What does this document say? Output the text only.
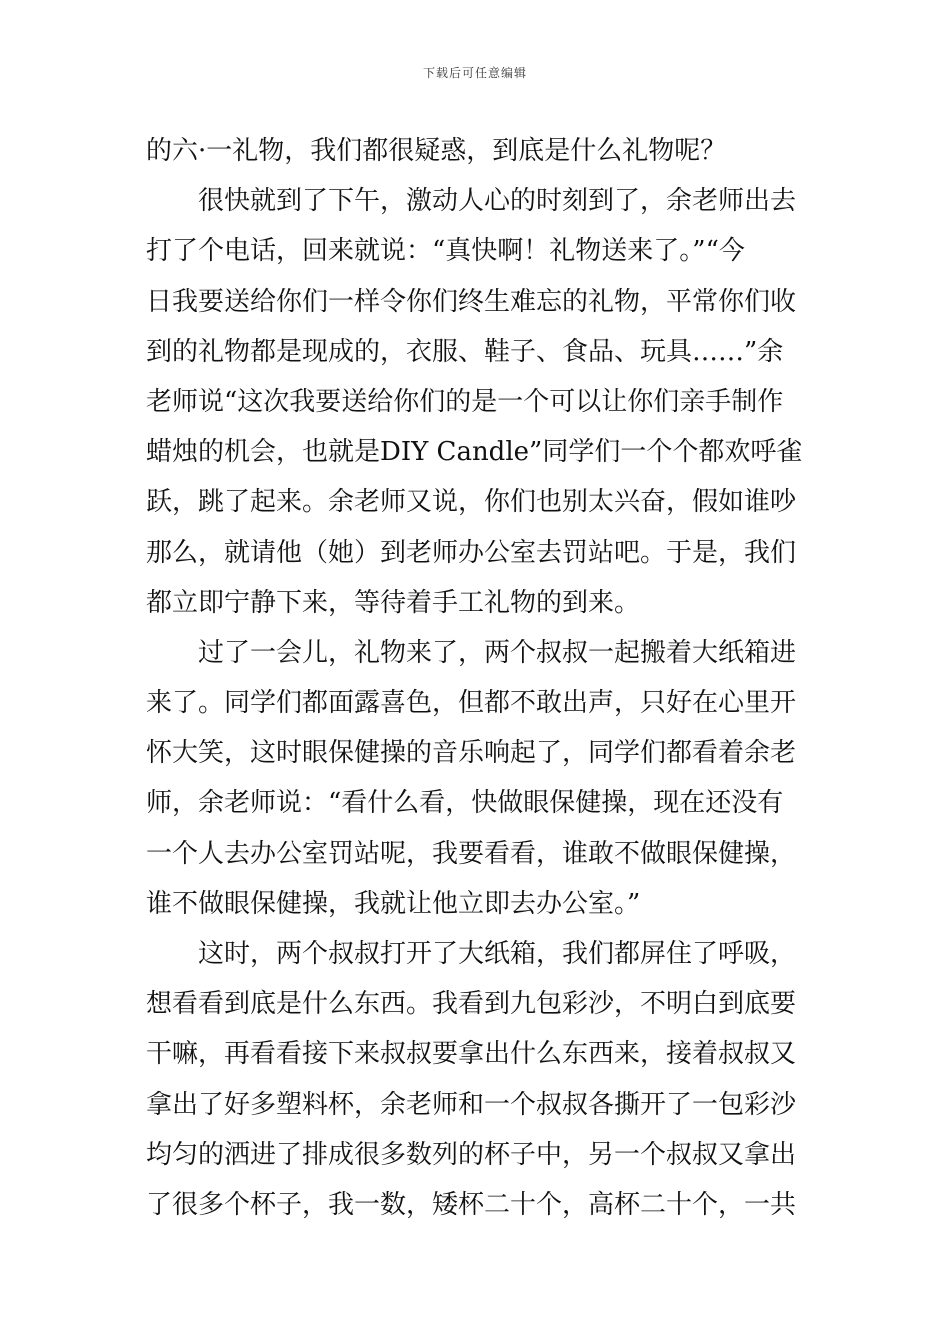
下载后可任意编辑
的六·一礼物，我们都很疑惑，到底是什么礼物呢？
很快就到了下午，激动人心的时刻到了，余老师出去
打了个电话，回来就说：“真快啊！礼物送来了。”“今
日我要送给你们一样令你们终生难忘的礼物，平常你们收
到的礼物都是现成的，衣服、鞋子、食品、玩具……”余
老师说“这次我要送给你们的是一个可以让你们亲手制作
蜡烛的机会，也就是DIY Candle”同学们一个个都欢呼雀
跃，跳了起来。余老师又说，你们也别太兴奋，假如谁吵
那么，就请他（她）到老师办公室去罚站吧。于是，我们
都立即宁静下来，等待着手工礼物的到来。
过了一会儿，礼物来了，两个叔叔一起搬着大纸箱进
来了。同学们都面露喜色，但都不敢出声，只好在心里开
怀大笑，这时眼保健操的音乐响起了，同学们都看着余老
师，余老师说：“看什么看，快做眼保健操，现在还没有
一个人去办公室罚站呢，我要看看，谁敢不做眼保健操，
谁不做眼保健操，我就让他立即去办公室。”
这时，两个叔叔打开了大纸箱，我们都屏住了呼吸，
想看看到底是什么东西。我看到九包彩沙，不明白到底要
干嘛，再看看接下来叔叔要拿出什么东西来，接着叔叔又
拿出了好多塑料杯，余老师和一个叔叔各撕开了一包彩沙
均匀的洒进了排成很多数列的杯子中，另一个叔叔又拿出
了很多个杯子，我一数，矮杯二十个，高杯二十个，一共
